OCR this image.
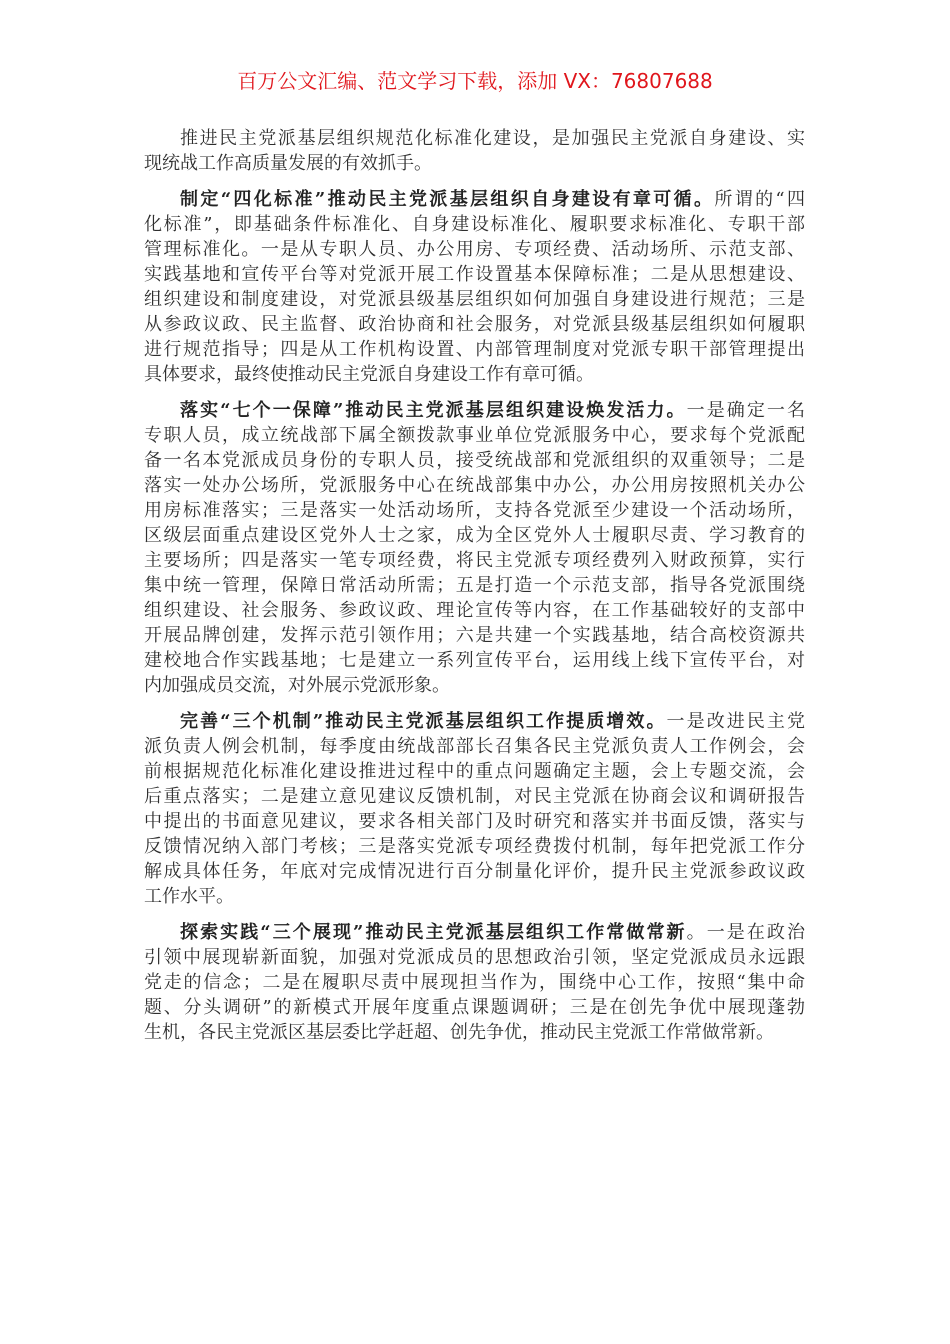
百万公文汇编、范文学习下载，添加 VX：76807688
推进民主党派基层组织规范化标准化建设，是加强民主党派自身建设、实
现统战工作高质量发展的有效抓手。
制定“四化标准”推动民主党派基层组织自身建设有章可循。所谓的“四
化标准”，即基础条件标准化、自身建设标准化、履职要求标准化、专职干部
管理标准化。一是从专职人员、办公用房、专项经费、活动场所、示范支部、
实践基地和宣传平台等对党派开展工作设置基本保障标准；二是从思想建设、
组织建设和制度建设，对党派县级基层组织如何加强自身建设进行规范；三是
从参政议政、民主监督、政治协商和社会服务，对党派县级基层组织如何履职
进行规范指导；四是从工作机构设置、内部管理制度对党派专职干部管理提出
具体要求，最终使推动民主党派自身建设工作有章可循。
落实“七个一保障”推动民主党派基层组织建设焕发活力。一是确定一名
专职人员，成立统战部下属全额拨款事业单位党派服务中心，要求每个党派配
备一名本党派成员身份的专职人员，接受统战部和党派组织的双重领导；二是
落实一处办公场所，党派服务中心在统战部集中办公，办公用房按照机关办公
用房标准落实；三是落实一处活动场所，支持各党派至少建设一个活动场所，
区级层面重点建设区党外人士之家，成为全区党外人士履职尽责、学习教育的
主要场所；四是落实一笔专项经费，将民主党派专项经费列入财政预算，实行
集中统一管理，保障日常活动所需；五是打造一个示范支部，指导各党派围绕
组织建设、社会服务、参政议政、理论宣传等内容，在工作基础较好的支部中
开展品牌创建，发挥示范引领作用；六是共建一个实践基地，结合高校资源共
建校地合作实践基地；七是建立一系列宣传平台，运用线上线下宣传平台，对
内加强成员交流，对外展示党派形象。
完善“三个机制”推动民主党派基层组织工作提质增效。一是改进民主党
派负责人例会机制，每季度由统战部部长召集各民主党派负责人工作例会，会
前根据规范化标准化建设推进过程中的重点问题确定主题，会上专题交流，会
后重点落实；二是建立意见建议反馈机制，对民主党派在协商会议和调研报告
中提出的书面意见建议，要求各相关部门及时研究和落实并书面反馈，落实与
反馈情况纳入部门考核；三是落实党派专项经费拨付机制，每年把党派工作分
解成具体任务，年底对完成情况进行百分制量化评价，提升民主党派参政议政
工作水平。
探索实践“三个展现”推动民主党派基层组织工作常做常新。一是在政治
引领中展现崭新面貌，加强对党派成员的思想政治引领，坚定党派成员永远跟
党走的信念；二是在履职尽责中展现担当作为，围绕中心工作，按照“集中命
题、分头调研”的新模式开展年度重点课题调研；三是在创先争优中展现蓬勃
生机，各民主党派区基层委比学赶超、创先争优，推动民主党派工作常做常新。
